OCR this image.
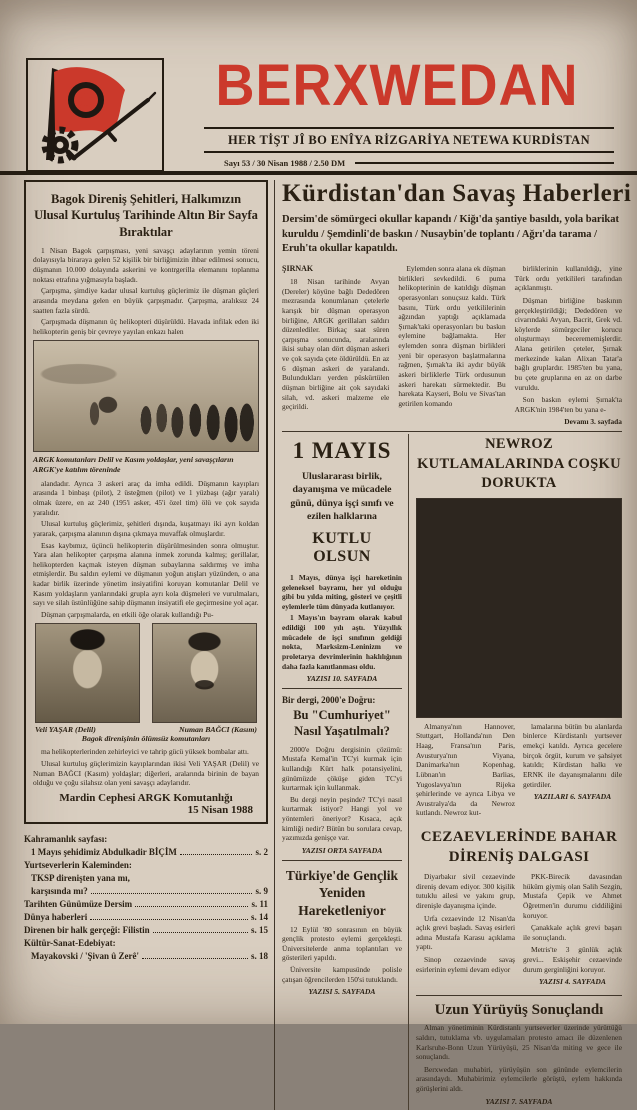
BERXWEDAN
HER TİŞT JÎ BO ENÎYA RİZGARİYA NETEWA KURDİSTAN
Sayı 53 / 30 Nisan 1988 / 2.50 DM
Bagok Direniş Şehitleri, Halkımızın Ulusal Kurtuluş Tarihinde Altın Bir Sayfa Bıraktılar

1 Nisan Bagok çarpışması, yeni savaşçı adaylarının yemin töreni dolayısıyla biraraya gelen 52 kişilik bir birliğimizin ihbar edilmesi sonucu, düşmanın 10.000 dolayında askerini ve kontrgerilla elemanını toplanma noktası etrafına yığmasıyla başladı.

Çarpışma, şimdiye kadar ulusal kurtuluş güçlerimiz ile düşman güçleri arasında meydana gelen en büyük çarpışmadır. Çarpışma, aralıksız 24 saatten fazla sürdü.

Çarpışmada düşmanın üç helikopteri düşürüldü. Havada infilak eden iki helikopterin geniş bir çevreye yayılan enkazı halen

ARGK komutanları Delil ve Kasım yoldaşlar, yeni savaşçıların ARGK'ye katılım töreninde

alandadır. Ayrıca 3 askeri araç da imha edildi. Düşmanın kayıpları arasında 1 binbaşı (pilot), 2 üsteğmen (pilot) ve 1 yüzbaşı (ağır yaralı) olmak üzere, en az 240 (195'i asker, 45'i özel tim) ölü ve çok sayıda yaralıdır.

Ulusal kurtuluş güçlerimiz, şehitleri dışında, kuşatmayı iki ayrı koldan yararak, çarpışma alanının dışına çıkmaya muvaffak olmuşlardır.

Esas kaybımız, üçüncü helikopterin düşürülmesinden sonra olmuştur. Yara alan helikopter çarpışma alanına inmek zorunda kalmış; gerillalar, helikopterden kaçmak isteyen düşman subaylarına saldırmış ve imha etmişlerdir. Bu saldırı eylemi ve düşmanın yoğun atışları yüzünden, o ana kadar birlik üzerinde yönetim insiyatifini koruyan komutanlar Delil ve Kasım yoldaşların yanlarındaki grupla ayrı kola düşmeleri ve vurulmaları, sayı ve silah üstünlüğüne sahip düşmanın insiyatifi ele geçirmesine yol açar.

Düşman çarpışmalarda, en etkili öğe olarak kullandığı Pu-

Veli YAŞAR (Delil)	Numan BAĞCI (Kasım)

Bagok direnişinin ölümsüz komutanları

ma helikopterlerinden zehirleyici ve tahrip gücü yüksek bombalar attı.

Ulusal kurtuluş güçlerimizin kayıplarından ikisi Veli YAŞAR (Delil) ve Numan BAĞCI (Kasım) yoldaşlar; diğerleri, aralarında birinin de bayan olduğu ve çoğu silahsız olan yeni savaşçı adaylarıdır.

Mardin Cephesi ARGK Komutanlığı
15 Nisan 1988
Kahramanlık sayfası:
1 Mayıs şehidimiz Abdulkadir BİÇİM	s. 2
Yurtseverlerin Kaleminden:
TKSP direnişten yana mı,
karşısında mı?	s. 9
Tarihten Günümüze Dersim	s. 11
Dünya haberleri	s. 14
Direnen bir halk gerçeği: Filistin	s. 15
Kültür-Sanat-Edebiyat:
Mayakovski / 'Şivan û Zerê'	s. 18
Kürdistan'dan Savaş Haberleri
Dersim'de sömürgeci okullar kapandı / Kiğı'da şantiye basıldı, yola barikat kuruldu / Şemdinli'de baskın / Nusaybin'de toplantı / Ağrı'da tarama / Eruh'ta okullar kapatıldı.
ŞIRNAK

18 Nisan tarihinde Avyan (Dereler) köyüne bağlı Dededören mezrasında konumlanan çetelerle karışık bir düşman operasyon birliğine, ARGK gerillaları saldırı düzenlediler. Birkaç saat süren çarpışma sonucunda, aralarında ikisi subay olan dört düşman askeri ve çok sayıda çete öldürüldü. En az 6 düşman askeri de yaralandı. Bulundukları yerden püskürtülen düşman birliğine ait çok sayıdaki silah, vd. askeri malzeme ele geçirildi.

Eylemden sonra alana ek düşman birlikleri sevkedildi. 6 puma helikopterinin de katıldığı düşman operasyonları sonuçsuz kaldı. Türk basını, Türk ordu yetkililerinin ağzından yaptığı açıklamada Şırnak'taki operasyonları bu baskın eylemine bağlamakta. Her eylemden sonra düşman birlikleri yeni bir operasyon başlatmalarına rağmen, Şırnak'ta iki aydır büyük askeri birliklerle Türk ordusunun askeri harekatı sürmektedir. Bu harekata Kayseri, Bolu ve Sivas'tan getirilen komando

birliklerinin kullanıldığı, yine Türk ordu yetkilileri tarafından açıklanmıştı.

Düşman birliğine baskının gerçekleştirildiği; Dededören ve civarındaki Avyan, Bacrit, Grek vd. köylerde sömürgeciler korucu oluşturmayı becerememişlerdir. Alana getirilen çeteler, Şırnak merkezinde kalan Alixan Tatar'a bağlı gruplardır. 1985'ten bu yana, bu çete gruplarına en az on darbe vuruldu.

Son baskın eylemi Şırnak'ta ARGK'nin 1984'ten bu yana e-

Devamı 3. sayfada
1 MAYIS
Uluslararası birlik, dayanışma ve mücadele günü, dünya işçi sınıfı ve ezilen halklarına
KUTLU OLSUN

1 Mayıs, dünya işçi hareketinin geleneksel bayramı, her yıl olduğu gibi bu yılda miting, gösteri ve çeşitli eylemlerle tüm dünyada kutlanıyor.

1 Mayıs'ın bayram olarak kabul edildiği 100 yılı aştı. Yüzyıllık mücadele de işçi sınıfının geldiği nokta, Marksizm-Leninizm ve proletarya devrimlerinin haklılığının daha fazla kanıtlanması oldu.

YAZISI 10. SAYFADA
Bir dergi, 2000'e Doğru:
Bu "Cumhuriyet" Nasıl Yaşatılmalı?

2000'e Doğru dergisinin çözümü: Mustafa Kemal'in TC'yi kurmak için kullandığı Kürt halk potansiyelini, günümüzde çöküşe giden TC'yi kurtarmak için kullanmak.

Bu dergi neyin peşinde? TC'yi nasıl kurtarmak istiyor? Hangi yol ve yöntemleri öneriyor? Kısaca, açık kimliği nedir? Bütün bu sorulara cevap, yazımızda genişçe var.

YAZISI ORTA SAYFADA
Türkiye'de Gençlik Yeniden Hareketleniyor

12 Eylül '80 sonrasının en büyük gençlik protesto eylemi gerçekleşti. Üniversitelerde anma toplantıları ve gösterileri yapıldı.

Üniversite kampusünde polisle çatışan öğrencilerden 150'si tutuklandı.

YAZISI 5. SAYFADA
NEWROZ KUTLAMALARINDA COŞKU DORUKTA

Almanya'nın Hannover, Stuttgart, Hollanda'nın Den Haag, Fransa'nın Paris, Avusturya'nın Viyana, Danimarka'nın Kopenhag, Lübnan'ın Barlias, Yugoslavya'nın Rijeka şehirlerinde ve ayrıca Libya ve Avustralya'da da Newroz kutlandı. Newroz kut-

lamalarına bütün bu alanlarda binlerce Kürdistanlı yurtsever emekçi katıldı. Ayrıca gecelere birçok örgüt, kurum ve şahsiyet katıldı; Kürdistan halkı ve ERNK ile dayanışmalarını dile getirdiler.

YAZILARI 6. SAYFADA
CEZAEVLERİNDE BAHAR DİRENİŞ DALGASI

Diyarbakır sivil cezaevinde direniş devam ediyor. 300 kişilik tutuklu ailesi ve yakını grup, direnişle dayanışma içinde.

Urfa cezaevinde 12 Nisan'da açlık grevi başladı. Savaş esirleri adına Mustafa Karasu açıklama yaptı.

Sinop cezaevinde savaş esirlerinin eylemi devam ediyor

PKK-Birecik davasından hüküm giymiş olan Salih Sezgin, Mustafa Çepik ve Ahmet Öğretmen'in durumu ciddiliğini koruyor.

Çanakkale açlık grevi başarı ile sonuçlandı.

Metris'te 3 günlük açlık grevi... Eskişehir cezaevinde durum gerginliğini koruyor.

YAZISI 4. SAYFADA
Uzun Yürüyüş Sonuçlandı

Alman yönetiminin Kürdistanlı yurtseverler üzerinde yürüttüğü saldırı, tutuklama vb. uygulamaları protesto amacı ile düzenlenen Karlsruhe-Bonn Uzun Yürüyüşü, 25 Nisan'da miting ve gece ile sonuçlandı.

Berxwedan muhabiri, yürüyüşün son gününde eylemcilerin arasındaydı. Muhabirimiz eylemcilerle görüştü, eylem hakkında görüşlerini aldı.

YAZISI 7. SAYFADA
